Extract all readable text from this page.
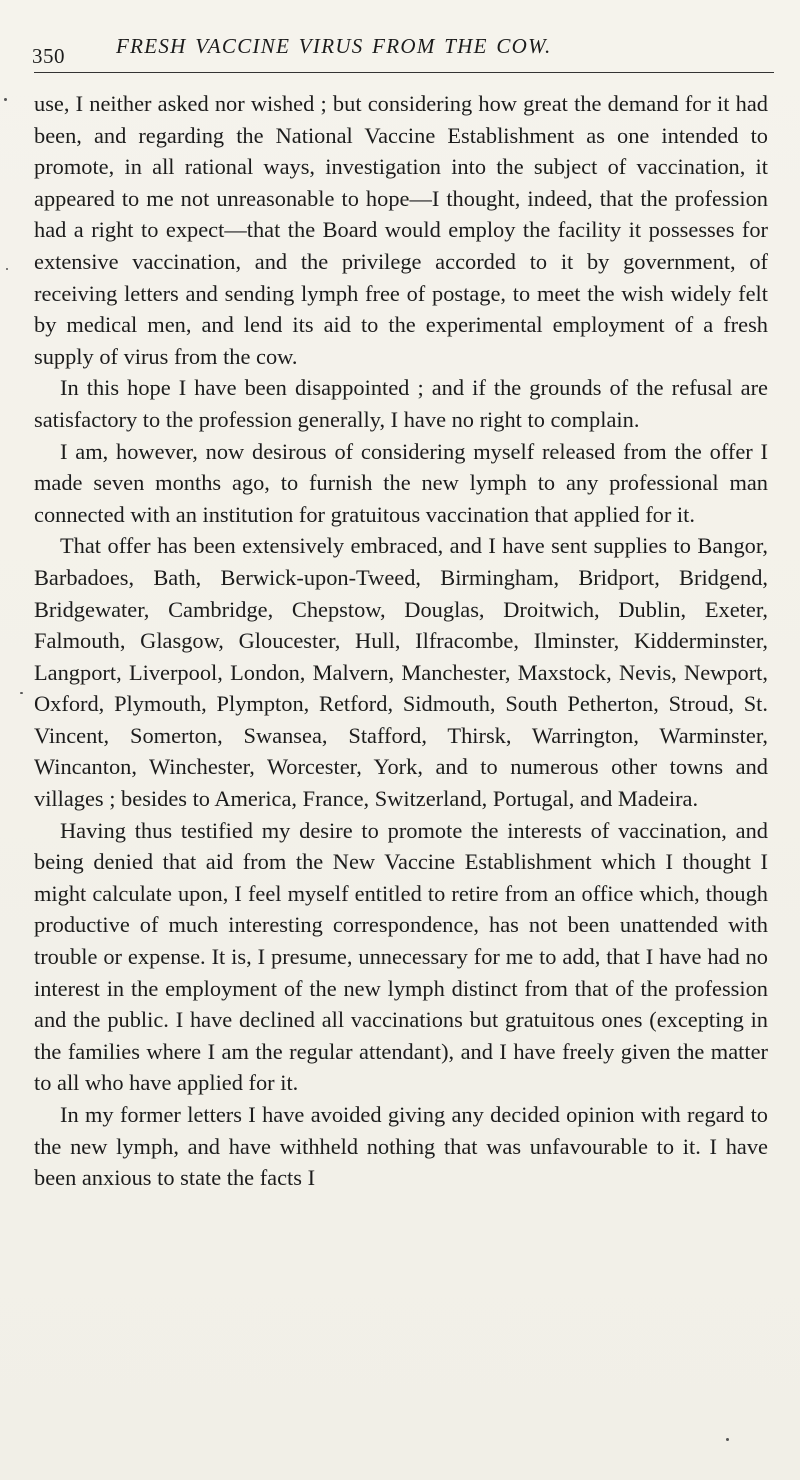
350 FRESH VACCINE VIRUS FROM THE COW.

use, I neither asked nor wished ; but considering how great the demand for it had been, and regarding the National Vaccine Establishment as one intended to promote, in all rational ways, investigation into the subject of vaccination, it appeared to me not unreasonable to hope—I thought, indeed, that the profession had a right to expect—that the Board would employ the facility it possesses for extensive vaccination, and the privilege accorded to it by government, of receiving letters and sending lymph free of postage, to meet the wish widely felt by medical men, and lend its aid to the experimental employment of a fresh supply of virus from the cow.

In this hope I have been disappointed ; and if the grounds of the refusal are satisfactory to the profession generally, I have no right to complain.

I am, however, now desirous of considering myself released from the offer I made seven months ago, to furnish the new lymph to any professional man connected with an institution for gratuitous vaccination that applied for it.

That offer has been extensively embraced, and I have sent supplies to Bangor, Barbadoes, Bath, Berwick-upon-Tweed, Birmingham, Bridport, Bridgend, Bridgewater, Cambridge, Chepstow, Douglas, Droitwich, Dublin, Exeter, Falmouth, Glasgow, Gloucester, Hull, Ilfracombe, Ilminster, Kidderminster, Langport, Liverpool, London, Malvern, Manchester, Maxstock, Nevis, Newport, Oxford, Plymouth, Plympton, Retford, Sidmouth, South Petherton, Stroud, St. Vincent, Somerton, Swansea, Stafford, Thirsk, Warrington, Warminster, Wincanton, Winchester, Worcester, York, and to numerous other towns and villages ; besides to America, France, Switzerland, Portugal, and Madeira.

Having thus testified my desire to promote the interests of vaccination, and being denied that aid from the New Vaccine Establishment which I thought I might calculate upon, I feel myself entitled to retire from an office which, though productive of much interesting correspondence, has not been unattended with trouble or expense. It is, I presume, unnecessary for me to add, that I have had no interest in the employment of the new lymph distinct from that of the profession and the public. I have declined all vaccinations but gratuitous ones (excepting in the families where I am the regular attendant), and I have freely given the matter to all who have applied for it.

In my former letters I have avoided giving any decided opinion with regard to the new lymph, and have withheld nothing that was unfavourable to it. I have been anxious to state the facts I
